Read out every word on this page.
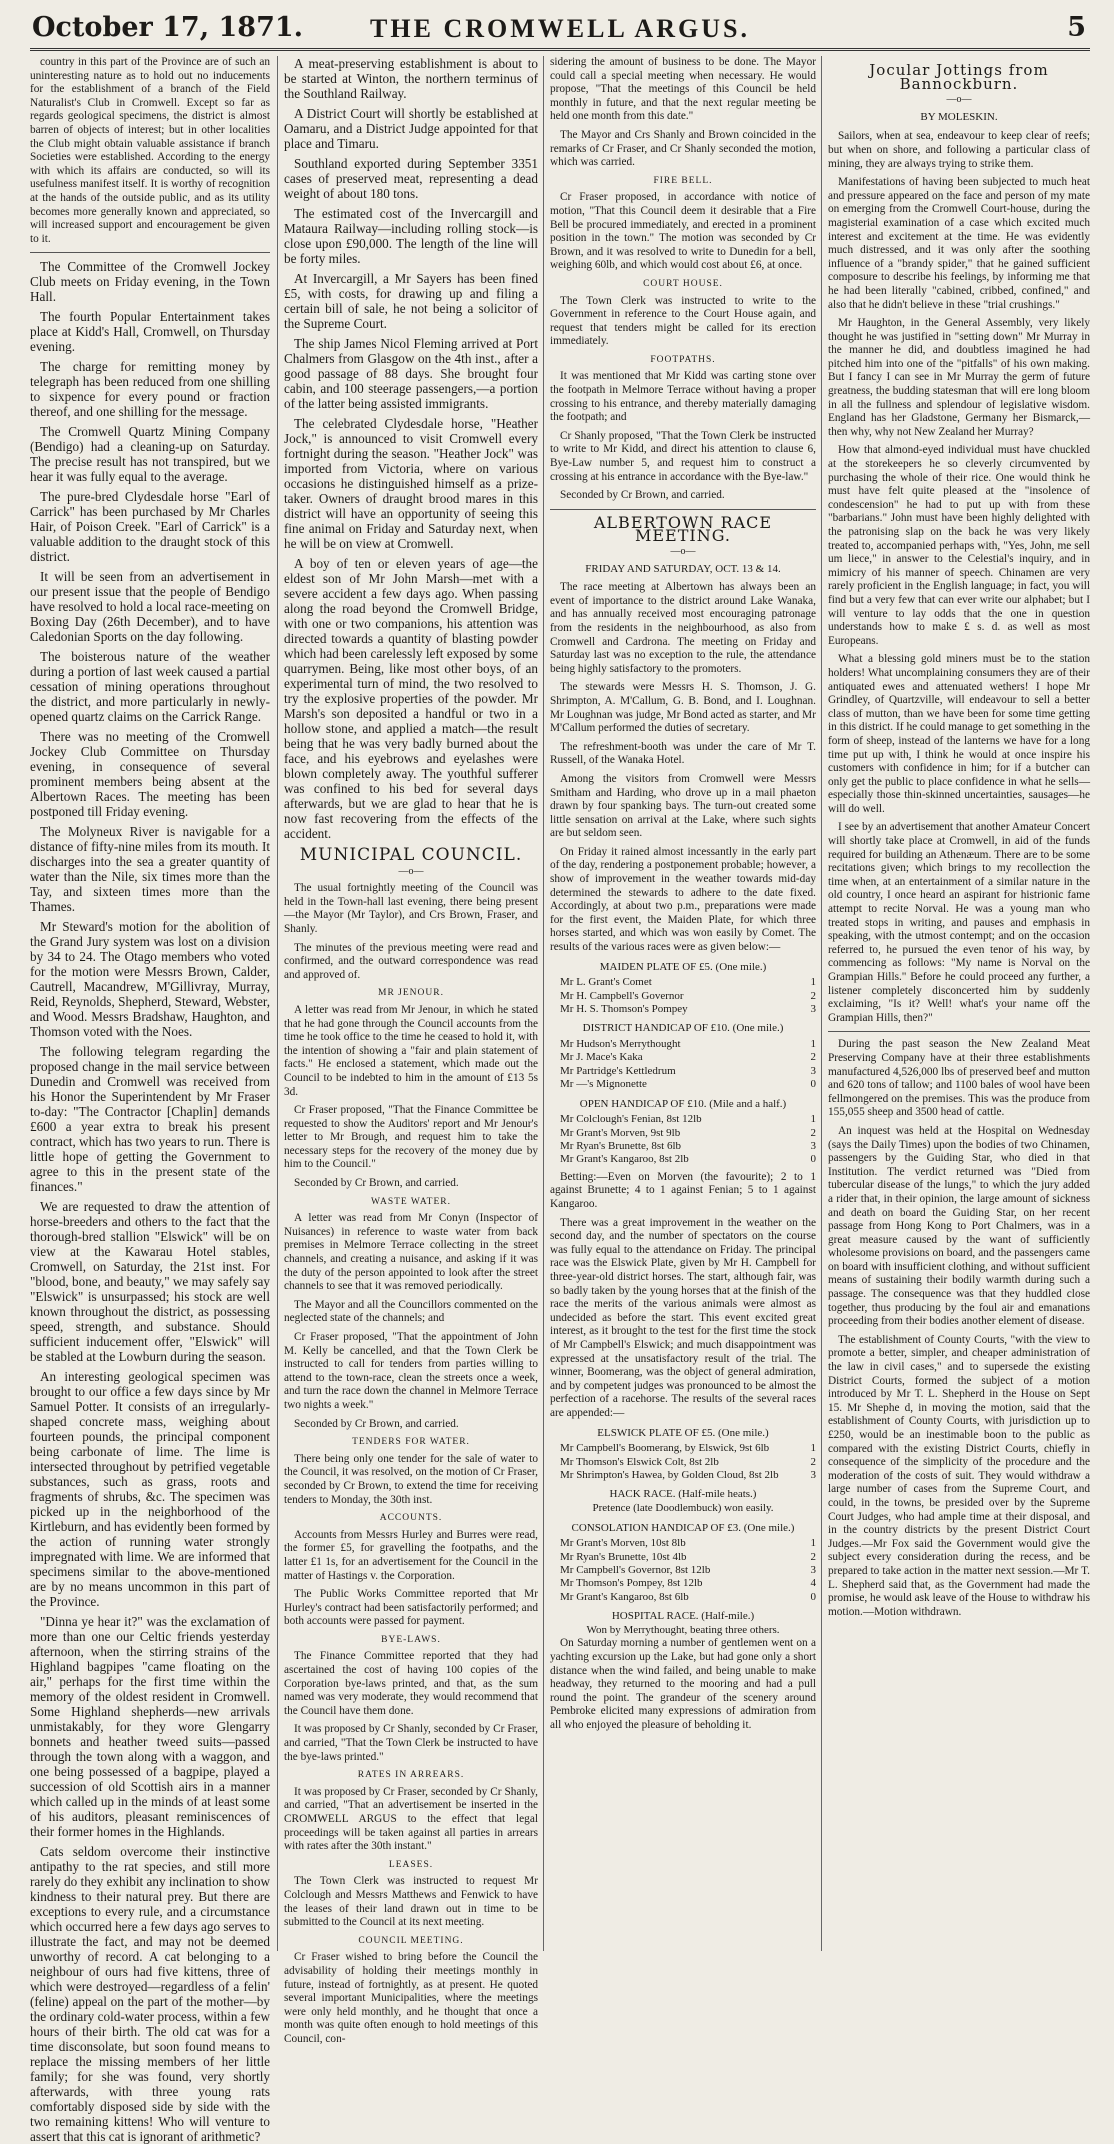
October 17, 1871.	THE CROMWELL ARGUS.	5

country in this part of the Province are of such an uninteresting nature as to hold out no inducements for the establishment of a branch of the Field Naturalist's Club in Cromwell. Except so far as regards geological specimens, the district is almost barren of objects of interest; but in other localities the Club might obtain valuable assistance if branch Societies were established. According to the energy with which its affairs are conducted, so will its usefulness manifest itself. It is worthy of recognition at the hands of the outside public, and as its utility becomes more generally known and appreciated, so will increased support and encouragement be given to it.

The Committee of the Cromwell Jockey Club meets on Friday evening, in the Town Hall.

The fourth Popular Entertainment takes place at Kidd's Hall, Cromwell, on Thursday evening.

The charge for remitting money by telegraph has been reduced from one shilling to sixpence for every pound or fraction thereof, and one shilling for the message.

The Cromwell Quartz Mining Company (Bendigo) had a cleaning-up on Saturday. The precise result has not transpired, but we hear it was fully equal to the average.

The pure-bred Clydesdale horse "Earl of Carrick" has been purchased by Mr Charles Hair, of Poison Creek. "Earl of Carrick" is a valuable addition to the draught stock of this district.

It will be seen from an advertisement in our present issue that the people of Bendigo have resolved to hold a local race-meeting on Boxing Day (26th December), and to have Caledonian Sports on the day following.

The boisterous nature of the weather during a portion of last week caused a partial cessation of mining operations throughout the district, and more particularly in newly-opened quartz claims on the Carrick Range.

There was no meeting of the Cromwell Jockey Club Committee on Thursday evening, in consequence of several prominent members being absent at the Albertown Races. The meeting has been postponed till Friday evening.

The Molyneux River is navigable for a distance of fifty-nine miles from its mouth. It discharges into the sea a greater quantity of water than the Nile, six times more than the Tay, and sixteen times more than the Thames.

Mr Steward's motion for the abolition of the Grand Jury system was lost on a division by 34 to 24. The Otago members who voted for the motion were Messrs Brown, Calder, Cautrell, Macandrew, M'Gillivray, Murray, Reid, Reynolds, Shepherd, Steward, Webster, and Wood. Messrs Bradshaw, Haughton, and Thomson voted with the Noes.

The following telegram regarding the proposed change in the mail service between Dunedin and Cromwell was received from his Honor the Superintendent by Mr Fraser to-day: "The Contractor [Chaplin] demands £600 a year extra to break his present contract, which has two years to run. There is little hope of getting the Government to agree to this in the present state of the finances."

We are requested to draw the attention of horse-breeders and others to the fact that the thorough-bred stallion "Elswick" will be on view at the Kawarau Hotel stables, Cromwell, on Saturday, the 21st inst. For "blood, bone, and beauty," we may safely say "Elswick" is unsurpassed; his stock are well known throughout the district, as possessing speed, strength, and substance. Should sufficient inducement offer, "Elswick" will be stabled at the Lowburn during the season.

An interesting geological specimen was brought to our office a few days since by Mr Samuel Potter. It consists of an irregularly-shaped concrete mass, weighing about fourteen pounds, the principal component being carbonate of lime. The lime is intersected throughout by petrified vegetable substances, such as grass, roots and fragments of shrubs, &c. The specimen was picked up in the neighborhood of the Kirtleburn, and has evidently been formed by the action of running water strongly impregnated with lime. We are informed that specimens similar to the above-mentioned are by no means uncommon in this part of the Province.

"Dinna ye hear it?" was the exclamation of more than one our Celtic friends yesterday afternoon, when the stirring strains of the Highland bagpipes "came floating on the air," perhaps for the first time within the memory of the oldest resident in Cromwell. Some Highland shepherds—new arrivals unmistakably, for they wore Glengarry bonnets and heather tweed suits—passed through the town along with a waggon, and one being possessed of a bagpipe, played a succession of old Scottish airs in a manner which called up in the minds of at least some of his auditors, pleasant reminiscences of their former homes in the Highlands.

Cats seldom overcome their instinctive antipathy to the rat species, and still more rarely do they exhibit any inclination to show kindness to their natural prey. But there are exceptions to every rule, and a circumstance which occurred here a few days ago serves to illustrate the fact, and may not be deemed unworthy of record. A cat belonging to a neighbour of ours had five kittens, three of which were destroyed—regardless of a felin' (feline) appeal on the part of the mother—by the ordinary cold-water process, within a few hours of their birth. The old cat was for a time disconsolate, but soon found means to replace the missing members of her little family; for she was found, very shortly afterwards, with three young rats comfortably disposed side by side with the two remaining kittens! Who will venture to assert that this cat is ignorant of arithmetic?

A meat-preserving establishment is about to be started at Winton, the northern terminus of the Southland Railway.

A District Court will shortly be established at Oamaru, and a District Judge appointed for that place and Timaru.

Southland exported during September 3351 cases of preserved meat, representing a dead weight of about 180 tons.

The estimated cost of the Invercargill and Mataura Railway—including rolling stock—is close upon £90,000. The length of the line will be forty miles.

At Invercargill, a Mr Sayers has been fined £5, with costs, for drawing up and filing a certain bill of sale, he not being a solicitor of the Supreme Court.

The ship James Nicol Fleming arrived at Port Chalmers from Glasgow on the 4th inst., after a good passage of 88 days. She brought four cabin, and 100 steerage passengers,—a portion of the latter being assisted immigrants.

The celebrated Clydesdale horse, "Heather Jock," is announced to visit Cromwell every fortnight during the season. "Heather Jock" was imported from Victoria, where on various occasions he distinguished himself as a prize-taker. Owners of draught brood mares in this district will have an opportunity of seeing this fine animal on Friday and Saturday next, when he will be on view at Cromwell.

A boy of ten or eleven years of age—the eldest son of Mr John Marsh—met with a severe accident a few days ago. When passing along the road beyond the Cromwell Bridge, with one or two companions, his attention was directed towards a quantity of blasting powder which had been carelessly left exposed by some quarrymen. Being, like most other boys, of an experimental turn of mind, the two resolved to try the explosive properties of the powder. Mr Marsh's son deposited a handful or two in a hollow stone, and applied a match—the result being that he was very badly burned about the face, and his eyebrows and eyelashes were blown completely away. The youthful sufferer was confined to his bed for several days afterwards, but we are glad to hear that he is now fast recovering from the effects of the accident.

MUNICIPAL COUNCIL.
—o—

The usual fortnightly meeting of the Council was held in the Town-hall last evening, there being present—the Mayor (Mr Taylor), and Crs Brown, Fraser, and Shanly.

The minutes of the previous meeting were read and confirmed, and the outward correspondence was read and approved of.

MR JENOUR.

A letter was read from Mr Jenour, in which he stated that he had gone through the Council accounts from the time he took office to the time he ceased to hold it, with the intention of showing a "fair and plain statement of facts." He enclosed a statement, which made out the Council to be indebted to him in the amount of £13 5s 3d.

Cr Fraser proposed, "That the Finance Committee be requested to show the Auditors' report and Mr Jenour's letter to Mr Brough, and request him to take the necessary steps for the recovery of the money due by him to the Council."

Seconded by Cr Brown, and carried.

WASTE WATER.

A letter was read from Mr Conyn (Inspector of Nuisances) in reference to waste water from back premises in Melmore Terrace collecting in the street channels, and creating a nuisance, and asking if it was the duty of the person appointed to look after the street channels to see that it was removed periodically.

The Mayor and all the Councillors commented on the neglected state of the channels; and

Cr Fraser proposed, "That the appointment of John M. Kelly be cancelled, and that the Town Clerk be instructed to call for tenders from parties willing to attend to the town-race, clean the streets once a week, and turn the race down the channel in Melmore Terrace two nights a week."

Seconded by Cr Brown, and carried.

TENDERS FOR WATER.

There being only one tender for the sale of water to the Council, it was resolved, on the motion of Cr Fraser, seconded by Cr Brown, to extend the time for receiving tenders to Monday, the 30th inst.

ACCOUNTS.

Accounts from Messrs Hurley and Burres were read, the former £5, for gravelling the footpaths, and the latter £1 1s, for an advertisement for the Council in the matter of Hastings v. the Corporation.

The Public Works Committee reported that Mr Hurley's contract had been satisfactorily performed; and both accounts were passed for payment.

BYE-LAWS.

The Finance Committee reported that they had ascertained the cost of having 100 copies of the Corporation bye-laws printed, and that, as the sum named was very moderate, they would recommend that the Council have them done.

It was proposed by Cr Shanly, seconded by Cr Fraser, and carried, "That the Town Clerk be instructed to have the bye-laws printed."

RATES IN ARREARS.

It was proposed by Cr Fraser, seconded by Cr Shanly, and carried, "That an advertisement be inserted in the CROMWELL ARGUS to the effect that legal proceedings will be taken against all parties in arrears with rates after the 30th instant."

LEASES.

The Town Clerk was instructed to request Mr Colclough and Messrs Matthews and Fenwick to have the leases of their land drawn out in time to be submitted to the Council at its next meeting.

COUNCIL MEETING.

Cr Fraser wished to bring before the Council the advisability of holding their meetings monthly in future, instead of fortnightly, as at present. He quoted several important Municipalities, where the meetings were only held monthly, and he thought that once a month was quite often enough to hold meetings of this Council, con-

sidering the amount of business to be done. The Mayor could call a special meeting when necessary. He would propose, "That the meetings of this Council be held monthly in future, and that the next regular meeting be held one month from this date."

The Mayor and Crs Shanly and Brown coincided in the remarks of Cr Fraser, and Cr Shanly seconded the motion, which was carried.

FIRE BELL.

Cr Fraser proposed, in accordance with notice of motion, "That this Council deem it desirable that a Fire Bell be procured immediately, and erected in a prominent position in the town." The motion was seconded by Cr Brown, and it was resolved to write to Dunedin for a bell, weighing 60lb, and which would cost about £6, at once.

COURT HOUSE.

The Town Clerk was instructed to write to the Government in reference to the Court House again, and request that tenders might be called for its erection immediately.

FOOTPATHS.

It was mentioned that Mr Kidd was carting stone over the footpath in Melmore Terrace without having a proper crossing to his entrance, and thereby materially damaging the footpath; and

Cr Shanly proposed, "That the Town Clerk be instructed to write to Mr Kidd, and direct his attention to clause 6, Bye-Law number 5, and request him to construct a crossing at his entrance in accordance with the Bye-law."

Seconded by Cr Brown, and carried.

ALBERTOWN RACE MEETING.
—o—
FRIDAY AND SATURDAY, OCT. 13 & 14.

The race meeting at Albertown has always been an event of importance to the district around Lake Wanaka, and has annually received most encouraging patronage from the residents in the neighbourhood, as also from Cromwell and Cardrona. The meeting on Friday and Saturday last was no exception to the rule, the attendance being highly satisfactory to the promoters.

The stewards were Messrs H. S. Thomson, J. G. Shrimpton, A. M'Callum, G. B. Bond, and I. Loughnan. Mr Loughnan was judge, Mr Bond acted as starter, and Mr M'Callum performed the duties of secretary.

The refreshment-booth was under the care of Mr T. Russell, of the Wanaka Hotel.

Among the visitors from Cromwell were Messrs Smitham and Harding, who drove up in a mail phaeton drawn by four spanking bays. The turn-out created some little sensation on arrival at the Lake, where such sights are but seldom seen.

On Friday it rained almost incessantly in the early part of the day, rendering a postponement probable; however, a show of improvement in the weather towards mid-day determined the stewards to adhere to the date fixed. Accordingly, at about two p.m., preparations were made for the first event, the Maiden Plate, for which three horses started, and which was won easily by Comet. The results of the various races were as given below:—

MAIDEN PLATE OF £5. (One mile.)
Mr L. Grant's Comet	1
Mr H. Campbell's Governor	2
Mr H. S. Thomson's Pompey	3
DISTRICT HANDICAP OF £10. (One mile.)
Mr Hudson's Merrythought	1
Mr J. Mace's Kaka	2
Mr Partridge's Kettledrum	3
Mr —'s Mignonette	0
OPEN HANDICAP OF £10. (Mile and a half.)
Mr Colclough's Fenian, 8st 12lb	1
Mr Grant's Morven, 9st 9lb	2
Mr Ryan's Brunette, 8st 6lb	3
Mr Grant's Kangaroo, 8st 2lb	0

Betting:—Even on Morven (the favourite); 2 to 1 against Brunette; 4 to 1 against Fenian; 5 to 1 against Kangaroo.

There was a great improvement in the weather on the second day, and the number of spectators on the course was fully equal to the attendance on Friday. The principal race was the Elswick Plate, given by Mr H. Campbell for three-year-old district horses. The start, although fair, was so badly taken by the young horses that at the finish of the race the merits of the various animals were almost as undecided as before the start. This event excited great interest, as it brought to the test for the first time the stock of Mr Campbell's Elswick; and much disappointment was expressed at the unsatisfactory result of the trial. The winner, Boomerang, was the object of general admiration, and by competent judges was pronounced to be almost the perfection of a racehorse. The results of the several races are appended:—

ELSWICK PLATE OF £5. (One mile.)
Mr Campbell's Boomerang, by Elswick, 9st 6lb	1
Mr Thomson's Elswick Colt, 8st 2lb	2
Mr Shrimpton's Hawea, by Golden Cloud, 8st 2lb	3
HACK RACE. (Half-mile heats.)
Pretence (late Doodlembuck) won easily.
CONSOLATION HANDICAP OF £3. (One mile.)
Mr Grant's Morven, 10st 8lb	1
Mr Ryan's Brunette, 10st 4lb	2
Mr Campbell's Governor, 8st 12lb	3
Mr Thomson's Pompey, 8st 12lb	4
Mr Grant's Kangaroo, 8st 6lb	0
HOSPITAL RACE. (Half-mile.)
Won by Merrythought, beating three others.

On Saturday morning a number of gentlemen went on a yachting excursion up the Lake, but had gone only a short distance when the wind failed, and being unable to make headway, they returned to the mooring and had a pull round the point. The grandeur of the scenery around Pembroke elicited many expressions of admiration from all who enjoyed the pleasure of beholding it.

Jocular Jottings from Bannockburn.
—o—
BY MOLESKIN.

Sailors, when at sea, endeavour to keep clear of reefs; but when on shore, and following a particular class of mining, they are always trying to strike them.

Manifestations of having been subjected to much heat and pressure appeared on the face and person of my mate on emerging from the Cromwell Court-house, during the magisterial examination of a case which excited much interest and excitement at the time. He was evidently much distressed, and it was only after the soothing influence of a "brandy spider," that he gained sufficient composure to describe his feelings, by informing me that he had been literally "cabined, cribbed, confined," and also that he didn't believe in these "trial crushings."

Mr Haughton, in the General Assembly, very likely thought he was justified in "setting down" Mr Murray in the manner he did, and doubtless imagined he had pitched him into one of the "pitfalls" of his own making. But I fancy I can see in Mr Murray the germ of future greatness, the budding statesman that will ere long bloom in all the fullness and splendour of legislative wisdom. England has her Gladstone, Germany her Bismarck,—then why, why not New Zealand her Murray?

How that almond-eyed individual must have chuckled at the storekeepers he so cleverly circumvented by purchasing the whole of their rice. One would think he must have felt quite pleased at the "insolence of condescension" he had to put up with from these "barbarians." John must have been highly delighted with the patronising slap on the back he was very likely treated to, accompanied perhaps with, "Yes, John, me sell um liece," in answer to the Celestial's inquiry, and in mimicry of his manner of speech. Chinamen are very rarely proficient in the English language; in fact, you will find but a very few that can ever write our alphabet; but I will venture to lay odds that the one in question understands how to make £ s. d. as well as most Europeans.

What a blessing gold miners must be to the station holders! What uncomplaining consumers they are of their antiquated ewes and attenuated wethers! I hope Mr Grindley, of Quartzville, will endeavour to sell a better class of mutton, than we have been for some time getting in this district. If he could manage to get something in the form of sheep, instead of the lanterns we have for a long time put up with, I think he would at once inspire his customers with confidence in him; for if a butcher can only get the public to place confidence in what he sells—especially those thin-skinned uncertainties, sausages—he will do well.

I see by an advertisement that another Amateur Concert will shortly take place at Cromwell, in aid of the funds required for building an Athenæum. There are to be some recitations given; which brings to my recollection the time when, at an entertainment of a similar nature in the old country, I once heard an aspirant for histrionic fame attempt to recite Norval. He was a young man who treated stops in writing, and pauses and emphasis in speaking, with the utmost contempt; and on the occasion referred to, he pursued the even tenor of his way, by commencing as follows: "My name is Norval on the Grampian Hills." Before he could proceed any further, a listener completely disconcerted him by suddenly exclaiming, "Is it? Well! what's your name off the Grampian Hills, then?"

During the past season the New Zealand Meat Preserving Company have at their three establishments manufactured 4,526,000 lbs of preserved beef and mutton and 620 tons of tallow; and 1100 bales of wool have been fellmongered on the premises. This was the produce from 155,055 sheep and 3500 head of cattle.

An inquest was held at the Hospital on Wednesday (says the Daily Times) upon the bodies of two Chinamen, passengers by the Guiding Star, who died in that Institution. The verdict returned was "Died from tubercular disease of the lungs," to which the jury added a rider that, in their opinion, the large amount of sickness and death on board the Guiding Star, on her recent passage from Hong Kong to Port Chalmers, was in a great measure caused by the want of sufficiently wholesome provisions on board, and the passengers came on board with insufficient clothing, and without sufficient means of sustaining their bodily warmth during such a passage. The consequence was that they huddled close together, thus producing by the foul air and emanations proceeding from their bodies another element of disease.

The establishment of County Courts, "with the view to promote a better, simpler, and cheaper administration of the law in civil cases," and to supersede the existing District Courts, formed the subject of a motion introduced by Mr T. L. Shepherd in the House on Sept 15. Mr Shephe d, in moving the motion, said that the establishment of County Courts, with jurisdiction up to £250, would be an inestimable boon to the public as compared with the existing District Courts, chiefly in consequence of the simplicity of the procedure and the moderation of the costs of suit. They would withdraw a large number of cases from the Supreme Court, and could, in the towns, be presided over by the Supreme Court Judges, who had ample time at their disposal, and in the country districts by the present District Court Judges.—Mr Fox said the Government would give the subject every consideration during the recess, and be prepared to take action in the matter next session.—Mr T. L. Shepherd said that, as the Government had made the promise, he would ask leave of the House to withdraw his motion.—Motion withdrawn.
